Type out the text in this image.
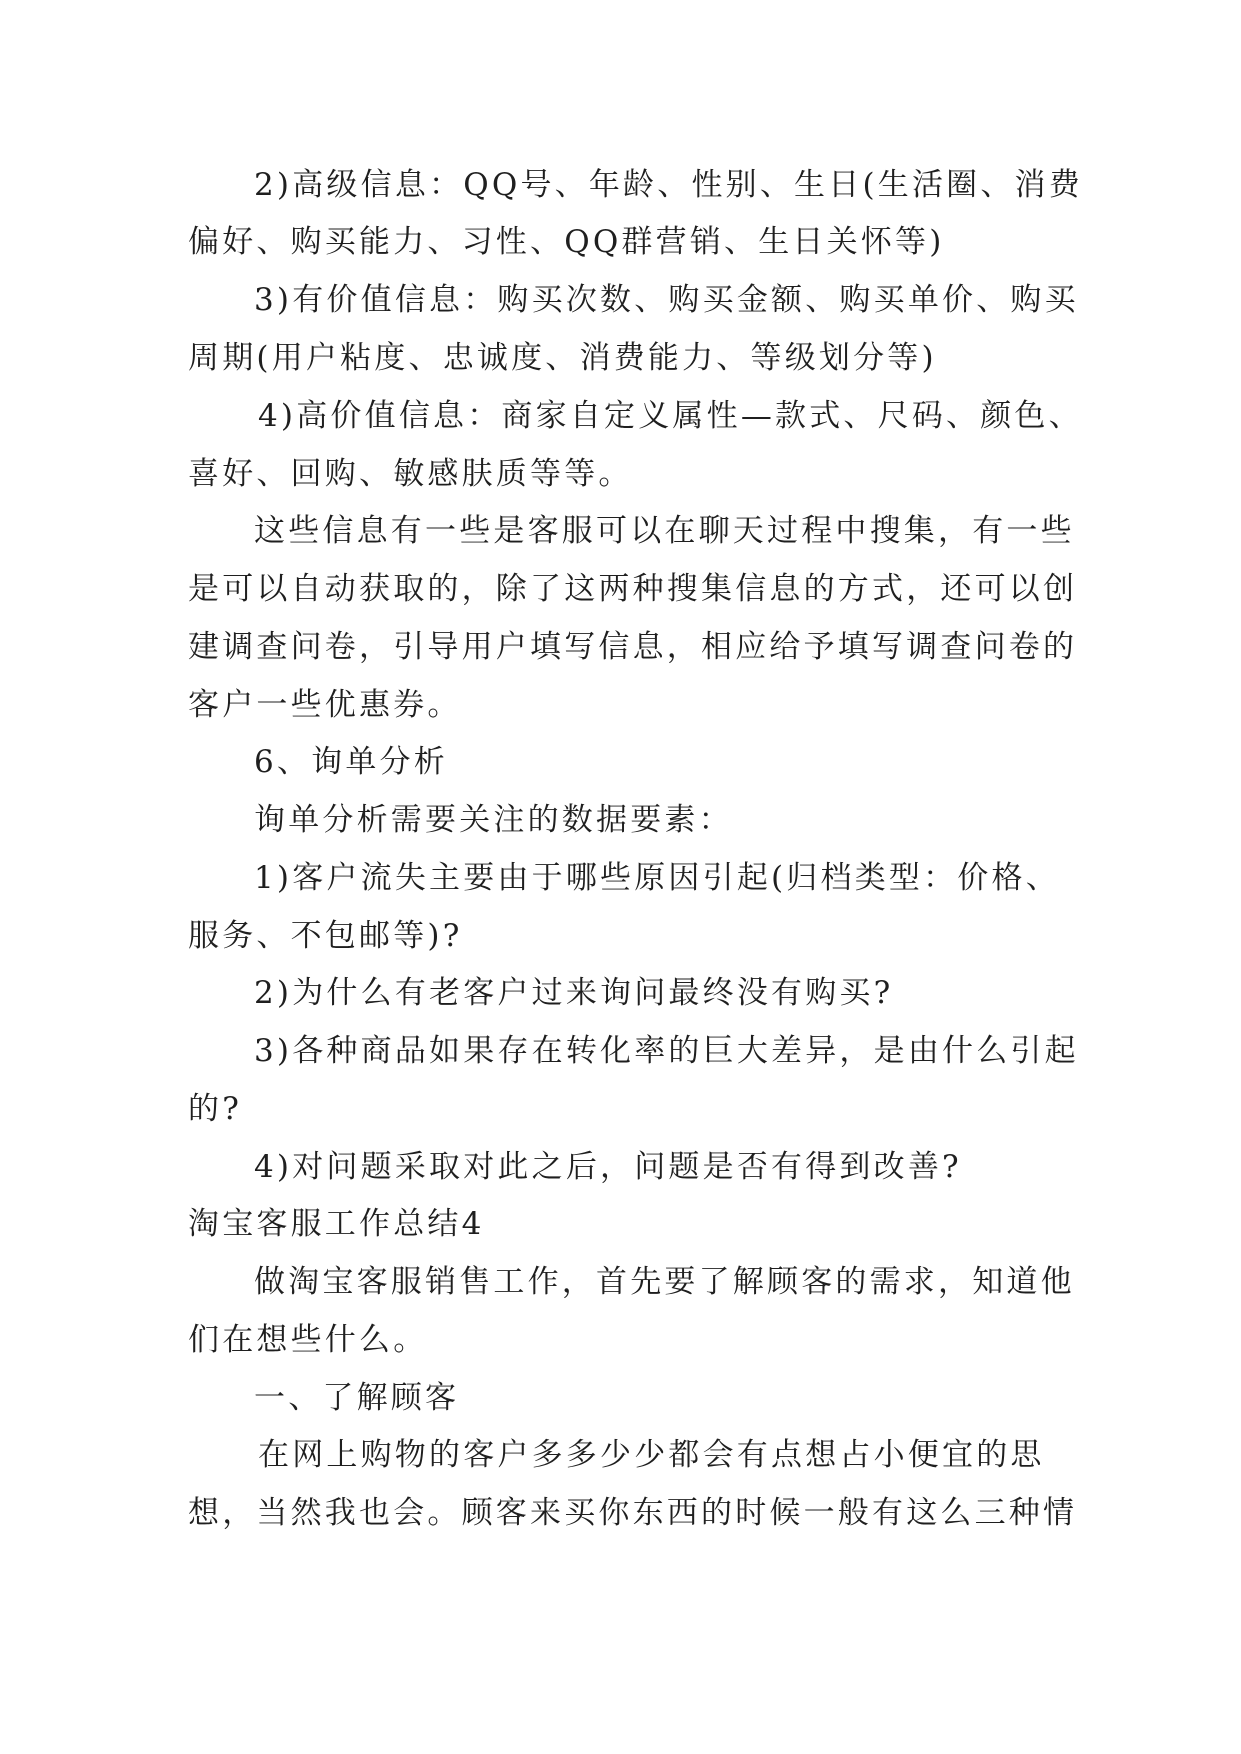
2)高级信息：QQ号、年龄、性别、生日(生活圈、消费
偏好、购买能力、习性、QQ群营销、生日关怀等)
3)有价值信息：购买次数、购买金额、购买单价、购买
周期(用户粘度、忠诚度、消费能力、等级划分等)
4)高价值信息：商家自定义属性—款式、尺码、颜色、
喜好、回购、敏感肤质等等。
这些信息有一些是客服可以在聊天过程中搜集，有一些
是可以自动获取的，除了这两种搜集信息的方式，还可以创
建调查问卷，引导用户填写信息，相应给予填写调查问卷的
客户一些优惠券。
6、询单分析
询单分析需要关注的数据要素：
1)客户流失主要由于哪些原因引起(归档类型：价格、
服务、不包邮等)?
2)为什么有老客户过来询问最终没有购买?
3)各种商品如果存在转化率的巨大差异，是由什么引起
的?
4)对问题采取对此之后，问题是否有得到改善?
淘宝客服工作总结4
做淘宝客服销售工作，首先要了解顾客的需求，知道他
们在想些什么。
一、了解顾客
在网上购物的客户多多少少都会有点想占小便宜的思
想，当然我也会。顾客来买你东西的时候一般有这么三种情
